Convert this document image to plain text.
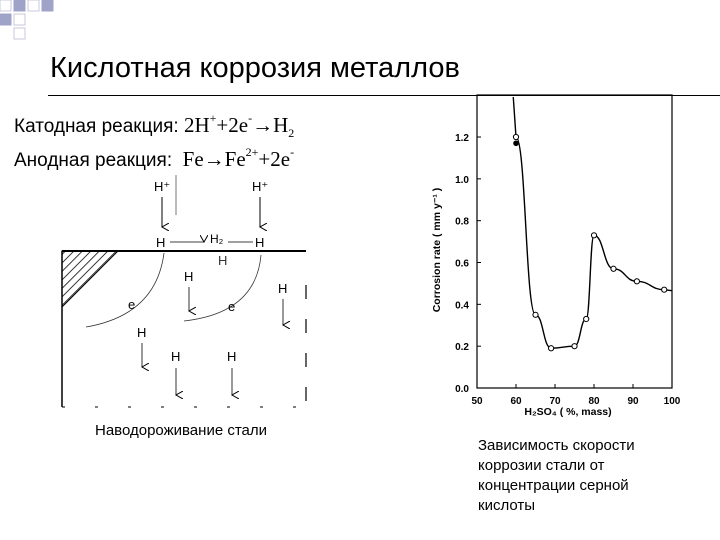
Кислотная коррозия металлов
Катодная реакция: $2H^++2e^-\to H_2$
Анодная реакция: $Fe\to Fe^{2+}+2e^-$
H⁺	H⁺
H	H₂ H
H
H
H
e	e
H
H	H
Наводороживание стали
50	60	70	80	90	100
0.0
0.2
0.4
0.6
0.8
1.0
1.2
Corrosion rate ( mm y⁻¹ )
H₂SO₄ ( %, mass)
Зависимость скорости
коррозии стали от
концентрации серной
кислоты
